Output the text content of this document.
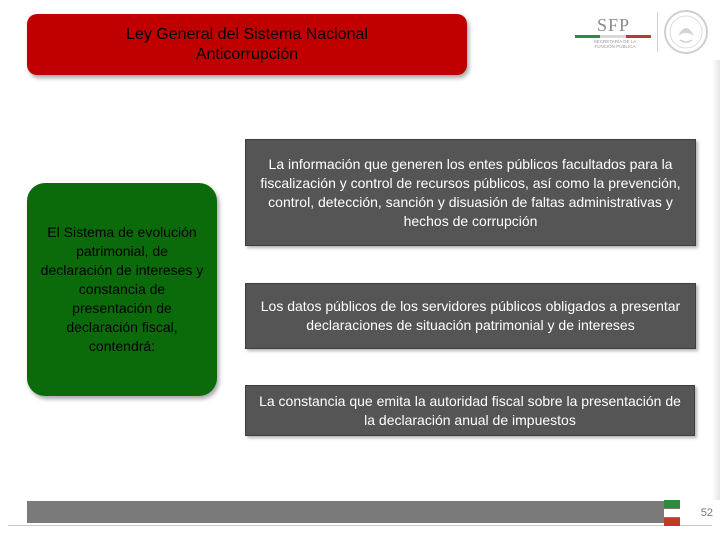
Ley General del Sistema Nacional
Anticorrupción
SFP
SECRETARÍA DE LA FUNCIÓN PÚBLICA
El Sistema de evolución patrimonial, de declaración de intereses y constancia de presentación de declaración fiscal, contendrá:
La información que generen los entes públicos facultados para la fiscalización y control de recursos públicos, así como la prevención, control, detección, sanción y disuasión de faltas administrativas y hechos de corrupción
Los datos públicos de los servidores públicos obligados a presentar declaraciones de situación patrimonial y de intereses
La constancia que emita la autoridad fiscal sobre la presentación de la declaración anual de impuestos
52
